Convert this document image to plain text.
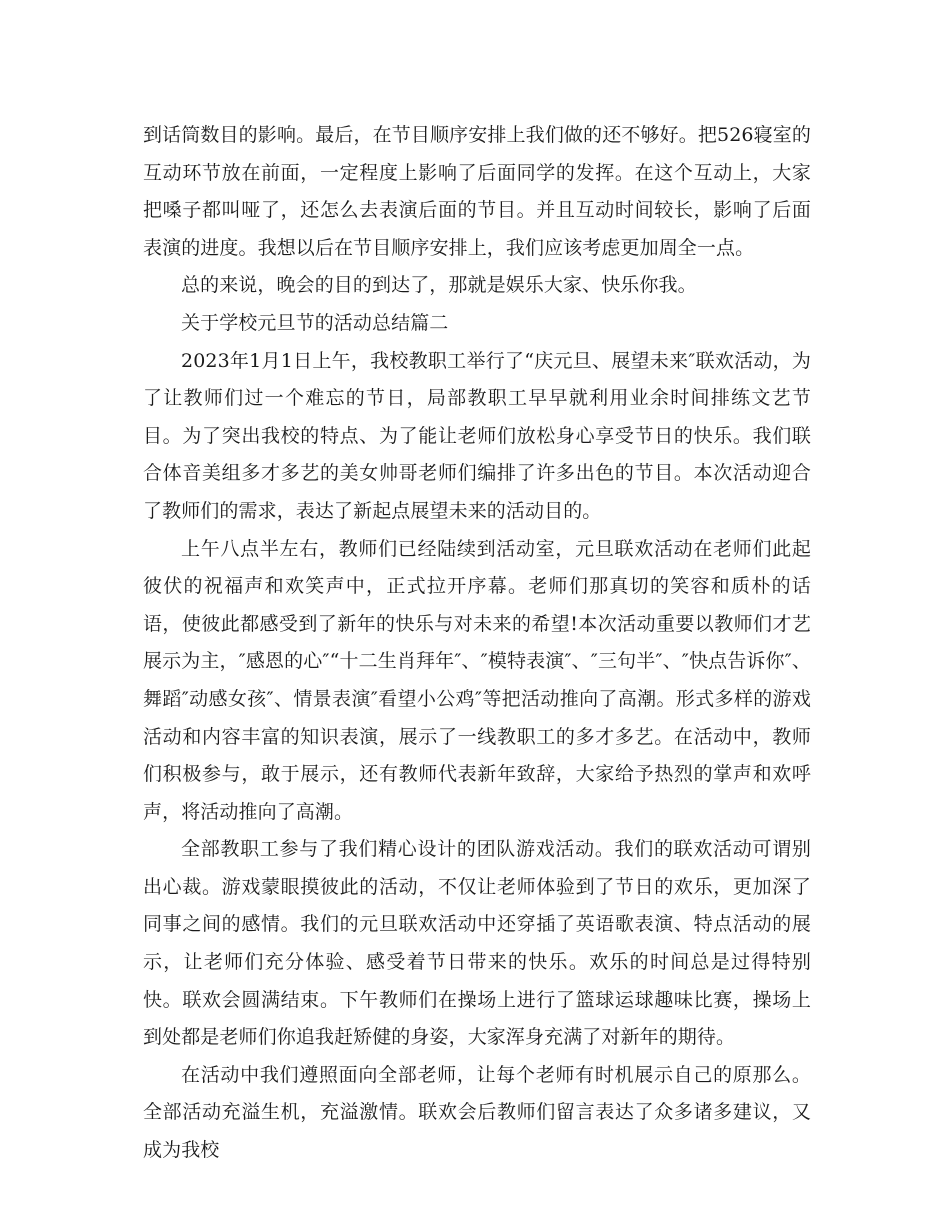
到话筒数目的影响。最后，在节目顺序安排上我们做的还不够好。把526寝室的互动环节放在前面，一定程度上影响了后面同学的发挥。在这个互动上，大家把嗓子都叫哑了，还怎么去表演后面的节目。并且互动时间较长，影响了后面表演的进度。我想以后在节目顺序安排上，我们应该考虑更加周全一点。

总的来说，晚会的目的到达了，那就是娱乐大家、快乐你我。

关于学校元旦节的活动总结篇二

2023年1月1日上午，我校教职工举行了“庆元旦、展望未来″联欢活动，为了让教师们过一个难忘的节日，局部教职工早早就利用业余时间排练文艺节目。为了突出我校的特点、为了能让老师们放松身心享受节日的快乐。我们联合体音美组多才多艺的美女帅哥老师们编排了许多出色的节目。本次活动迎合了教师们的需求，表达了新起点展望未来的活动目的。

上午八点半左右，教师们已经陆续到活动室，元旦联欢活动在老师们此起彼伏的祝福声和欢笑声中，正式拉开序幕。老师们那真切的笑容和质朴的话语，使彼此都感受到了新年的快乐与对未来的希望!本次活动重要以教师们才艺展示为主，″感恩的心″“十二生肖拜年″、″模特表演″、″三句半″、″快点告诉你″、舞蹈″动感女孩″、情景表演″看望小公鸡″等把活动推向了高潮。形式多样的游戏活动和内容丰富的知识表演，展示了一线教职工的多才多艺。在活动中，教师们积极参与，敢于展示，还有教师代表新年致辞，大家给予热烈的掌声和欢呼声，将活动推向了高潮。

全部教职工参与了我们精心设计的团队游戏活动。我们的联欢活动可谓别出心裁。游戏蒙眼摸彼此的活动，不仅让老师体验到了节日的欢乐，更加深了同事之间的感情。我们的元旦联欢活动中还穿插了英语歌表演、特点活动的展示，让老师们充分体验、感受着节日带来的快乐。欢乐的时间总是过得特别快。联欢会圆满结束。下午教师们在操场上进行了篮球运球趣味比赛，操场上到处都是老师们你追我赶矫健的身姿，大家浑身充满了对新年的期待。

在活动中我们遵照面向全部老师，让每个老师有时机展示自己的原那么。全部活动充溢生机，充溢激情。联欢会后教师们留言表达了众多诸多建议，又成为我校
